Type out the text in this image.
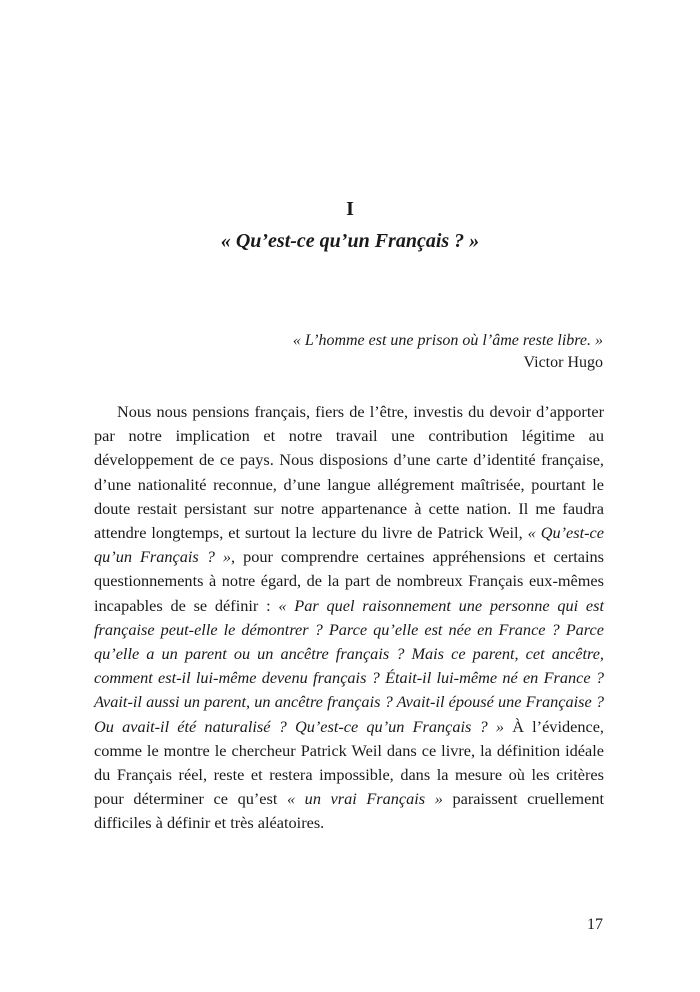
I
« Qu’est-ce qu’un Français ? »
« L’homme est une prison où l’âme reste libre. »
Victor Hugo

Nous nous pensions français, fiers de l’être, investis du devoir d’apporter par notre implication et notre travail une contribution légitime au développement de ce pays. Nous disposions d’une carte d’identité française, d’une nationalité reconnue, d’une langue allégrement maîtrisée, pourtant le doute restait persistant sur notre appartenance à cette nation. Il me faudra attendre longtemps, et surtout la lecture du livre de Patrick Weil, « Qu’est-ce qu’un Français ? », pour comprendre certaines appréhensions et certains questionnements à notre égard, de la part de nombreux Français eux-mêmes incapables de se définir : « Par quel raisonnement une personne qui est française peut-elle le démontrer ? Parce qu’elle est née en France ? Parce qu’elle a un parent ou un ancêtre français ? Mais ce parent, cet ancêtre, comment est-il lui-même devenu français ? Était-il lui-même né en France ? Avait-il aussi un parent, un ancêtre français ? Avait-il épousé une Française ? Ou avait-il été naturalisé ? Qu’est-ce qu’un Français ? » À l’évidence, comme le montre le chercheur Patrick Weil dans ce livre, la définition idéale du Français réel, reste et restera impossible, dans la mesure où les critères pour déterminer ce qu’est « un vrai Français » paraissent cruellement difficiles à définir et très aléatoires.

17
